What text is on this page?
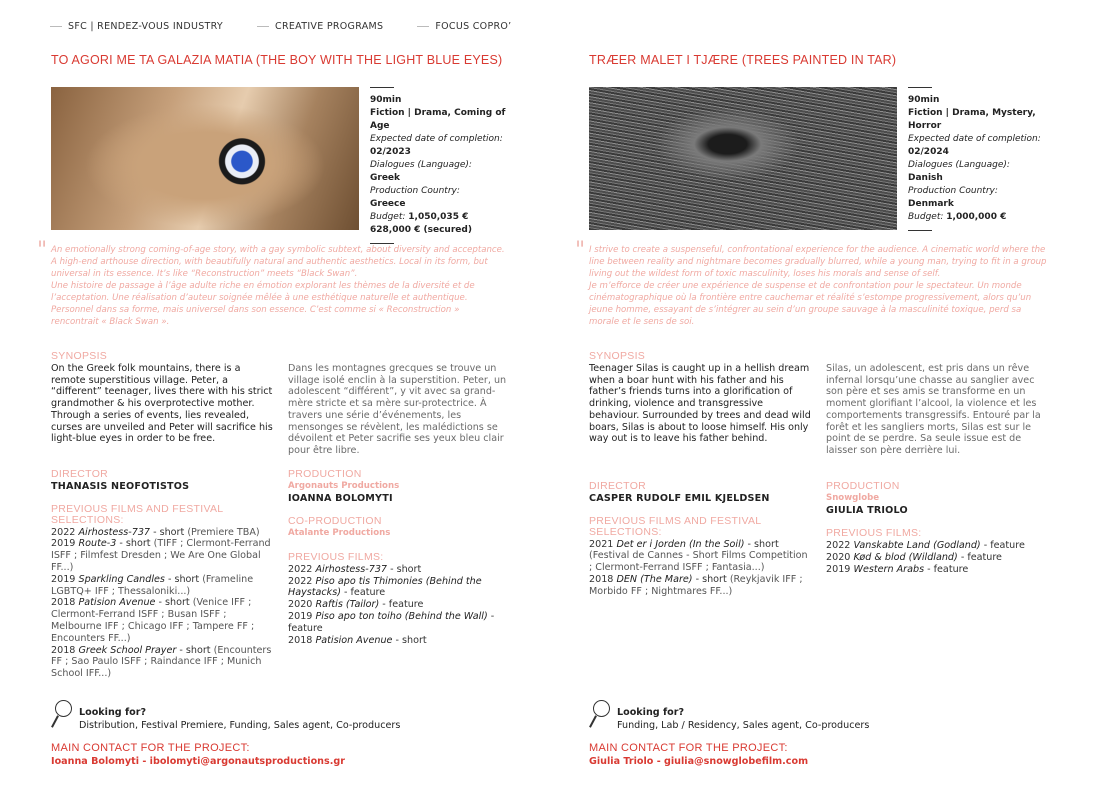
SFC | RENDEZ-VOUS INDUSTRY	CREATIVE PROGRAMS	FOCUS COPRO’
TO AGORI ME TA GALAZIA MATIA (THE BOY WITH THE LIGHT BLUE EYES)
90min
Fiction | Drama, Coming of Age
Expected date of completion:
02/2023
Dialogues (Language):
Greek
Production Country:
Greece
Budget: 1,050,035 €
628,000 € (secured)
" An emotionally strong coming-of-age story, with a gay symbolic subtext, about diversity and acceptance. A high-end arthouse direction, with beautifully natural and authentic aesthetics. Local in its form, but universal in its essence. It’s like “Reconstruction” meets “Black Swan”.
Une histoire de passage à l’âge adulte riche en émotion explorant les thèmes de la diversité et de l’acceptation. Une réalisation d’auteur soignée mêlée à une esthétique naturelle et authentique. Personnel dans sa forme, mais universel dans son essence. C’est comme si « Reconstruction » rencontrait « Black Swan ».
SYNOPSIS
On the Greek folk mountains, there is a remote superstitious village. Peter, a “different” teenager, lives there with his strict grandmother & his overprotective mother. Through a series of events, lies revealed, curses are unveiled and Peter will sacrifice his light-blue eyes in order to be free.
Dans les montagnes grecques se trouve un village isolé enclin à la superstition. Peter, un adolescent “différent”, y vit avec sa grand-mère stricte et sa mère sur-protectrice. À travers une série d’événements, les mensonges se révèlent, les malédictions se dévoilent et Peter sacrifie ses yeux bleu clair pour être libre.
DIRECTOR
THANASIS NEOFOTISTOS
PREVIOUS FILMS AND FESTIVAL SELECTIONS:
2022 Airhostess-737 - short (Premiere TBA)
2019 Route-3 - short (TIFF ; Clermont-Ferrand ISFF ; Filmfest Dresden ; We Are One Global FF...)
2019 Sparkling Candles - short (Frameline LGBTQ+ IFF ; Thessaloniki...)
2018 Patision Avenue - short (Venice IFF ; Clermont-Ferrand ISFF ; Busan ISFF ; Melbourne IFF ; Chicago IFF ; Tampere FF ; Encounters FF...)
2018 Greek School Prayer - short (Encounters FF ; Sao Paulo ISFF ; Raindance IFF ; Munich School IFF...)
PRODUCTION
Argonauts Productions
IOANNA BOLOMYTI
CO-PRODUCTION
Atalante Productions
PREVIOUS FILMS:
2022 Airhostess-737 - short
2022 Piso apo tis Thimonies (Behind the Haystacks) - feature
2020 Raftis (Tailor) - feature
2019 Piso apo ton toiho (Behind the Wall) - feature
2018 Patision Avenue - short
Looking for?
Distribution, Festival Premiere, Funding, Sales agent, Co-producers
MAIN CONTACT FOR THE PROJECT:
Ioanna Bolomyti - ibolomyti@argonautsproductions.gr
TRÆER MALET I TJÆRE (TREES PAINTED IN TAR)
90min
Fiction | Drama, Mystery, Horror
Expected date of completion:
02/2024
Dialogues (Language):
Danish
Production Country:
Denmark
Budget: 1,000,000 €
" I strive to create a suspenseful, confrontational experience for the audience. A cinematic world where the line between reality and nightmare becomes gradually blurred, while a young man, trying to fit in a group living out the wildest form of toxic masculinity, loses his morals and sense of self.
Je m’efforce de créer une expérience de suspense et de confrontation pour le spectateur. Un monde cinématographique où la frontière entre cauchemar et réalité s’estompe progressivement, alors qu’un jeune homme, essayant de s’intégrer au sein d’un groupe sauvage à la masculinité toxique, perd sa morale et le sens de soi.
SYNOPSIS
Teenager Silas is caught up in a hellish dream when a boar hunt with his father and his father’s friends turns into a glorification of drinking, violence and transgressive behaviour. Surrounded by trees and dead wild boars, Silas is about to loose himself. His only way out is to leave his father behind.
Silas, un adolescent, est pris dans un rêve infernal lorsqu’une chasse au sanglier avec son père et ses amis se transforme en un moment glorifiant l’alcool, la violence et les comportements transgressifs. Entouré par la forêt et les sangliers morts, Silas est sur le point de se perdre. Sa seule issue est de laisser son père derrière lui.
DIRECTOR
CASPER RUDOLF EMIL KJELDSEN
PREVIOUS FILMS AND FESTIVAL SELECTIONS:
2021 Det er i Jorden (In the Soil) - short (Festival de Cannes - Short Films Competition ; Clermont-Ferrand ISFF ; Fantasia...)
2018 DEN (The Mare) - short (Reykjavik IFF ; Morbido FF ; Nightmares FF...)
PRODUCTION
Snowglobe
GIULIA TRIOLO
PREVIOUS FILMS:
2022 Vanskabte Land (Godland) - feature
2020 Kød & blod (Wildland) - feature
2019 Western Arabs - feature
Looking for?
Funding, Lab / Residency, Sales agent, Co-producers
MAIN CONTACT FOR THE PROJECT:
Giulia Triolo - giulia@snowglobefilm.com
